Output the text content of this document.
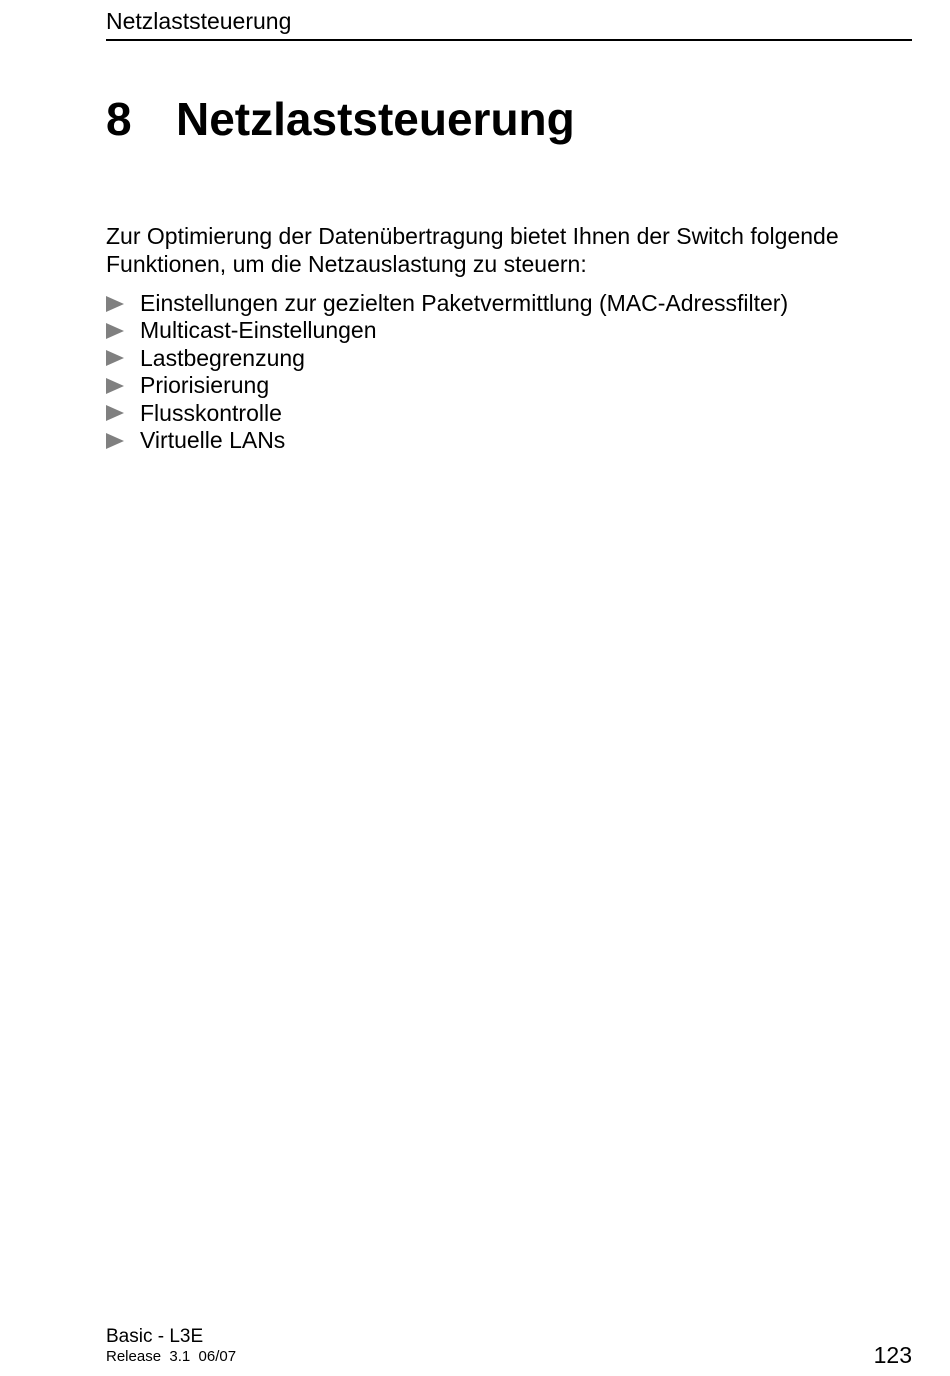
Netzlaststeuerung
8 Netzlaststeuerung

Zur Optimierung der Datenübertragung bietet Ihnen der Switch folgende Funktionen, um die Netzauslastung zu steuern:

Einstellungen zur gezielten Paketvermittlung (MAC-Adressfilter)
Multicast-Einstellungen
Lastbegrenzung
Priorisierung
Flusskontrolle
Virtuelle LANs
Basic - L3E
Release  3.1  06/07	123
